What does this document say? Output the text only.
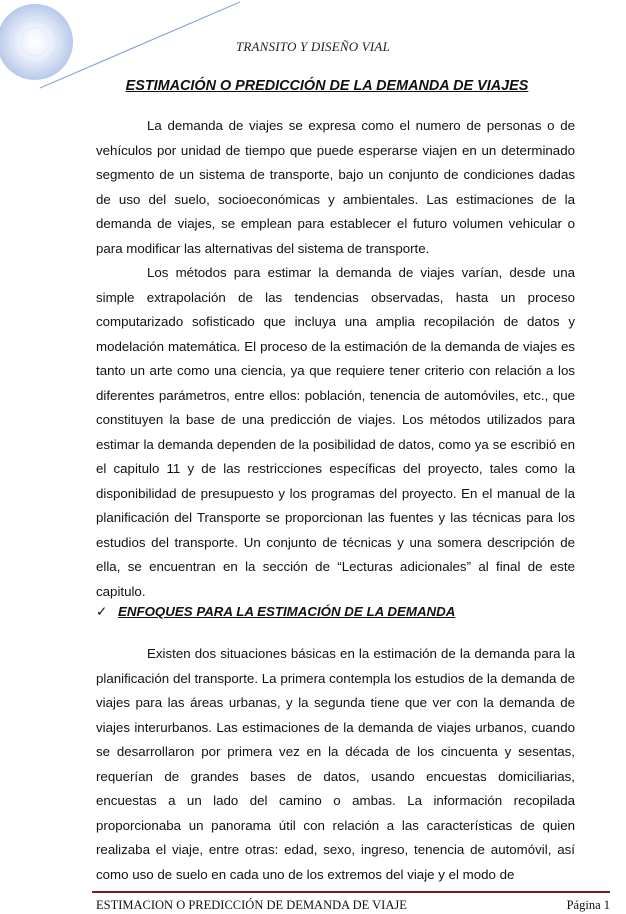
TRANSITO Y DISEÑO VIAL
ESTIMACIÓN O PREDICCIÓN DE LA DEMANDA DE VIAJES

La demanda de viajes se expresa como el numero de personas o de vehículos por unidad de tiempo que puede esperarse viajen en un determinado segmento de un sistema de transporte, bajo un conjunto de condiciones dadas de uso del suelo, socioeconómicas y ambientales. Las estimaciones de la demanda de viajes, se emplean para establecer el futuro volumen vehicular o para modificar las alternativas del sistema de transporte.

Los métodos para estimar la demanda de viajes varían, desde una simple extrapolación de las tendencias observadas, hasta un proceso computarizado sofisticado que incluya una amplia recopilación de datos y modelación matemática. El proceso de la estimación de la demanda de viajes es tanto un arte como una ciencia, ya que requiere tener criterio con relación a los diferentes parámetros, entre ellos: población, tenencia de automóviles, etc., que constituyen la base de una predicción de viajes. Los métodos utilizados para estimar la demanda dependen de la posibilidad de datos, como ya se escribió en el capitulo 11 y de las restricciones específicas del proyecto, tales como la disponibilidad de presupuesto y los programas del proyecto. En el manual de la planificación del Transporte se proporcionan las fuentes y las técnicas para los estudios del transporte. Un conjunto de técnicas y una somera descripción de ella, se encuentran en la sección de “Lecturas adicionales” al final de este capitulo.

✓ ENFOQUES PARA LA ESTIMACIÓN DE LA DEMANDA

Existen dos situaciones básicas en la estimación de la demanda para la planificación del transporte. La primera contempla los estudios de la demanda de viajes para las áreas urbanas, y la segunda tiene que ver con la demanda de viajes interurbanos. Las estimaciones de la demanda de viajes urbanos, cuando se desarrollaron por primera vez en la década de los cincuenta y sesentas, requerían de grandes bases de datos, usando encuestas domiciliarias, encuestas a un lado del camino o ambas. La información recopilada proporcionaba un panorama útil con relación a las características de quien realizaba el viaje, entre otras: edad, sexo, ingreso, tenencia de automóvil, así como uso de suelo en cada uno de los extremos del viaje y el modo de

ESTIMACION O PREDICCIÓN DE DEMANDA DE VIAJE	Página 1
